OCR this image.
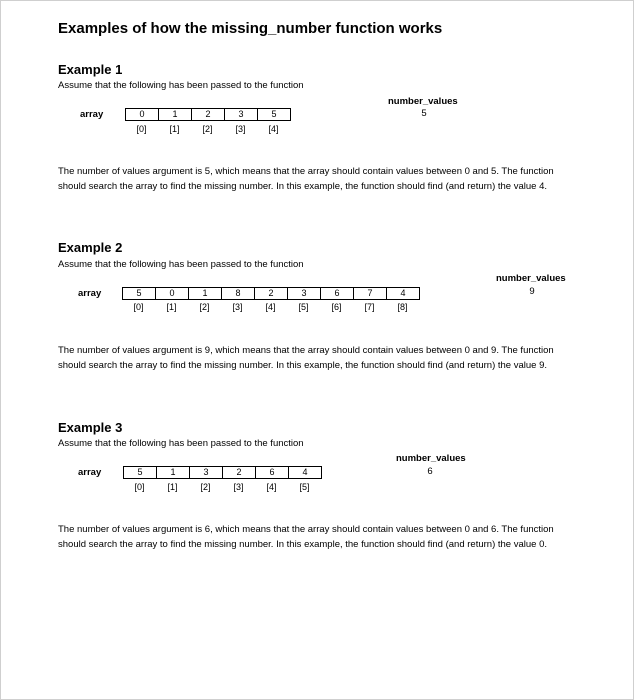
Examples of how the missing_number function works
Example 1
Assume that the following has been passed to the function
number_values
5
array	0	1	2	3	5
[0]	[1]	[2]	[3]	[4]
The number of values argument is 5, which means that the array should contain values between 0 and 5. The function should search the array to find the missing number. In this example, the function should find (and return) the value 4.
Example 2
Assume that the following has been passed to the function
number_values
9
array	5	0	1	8	2	3	6	7	4
[0]	[1]	[2]	[3]	[4]	[5]	[6]	[7]	[8]
The number of values argument is 9, which means that the array should contain values between 0 and 9. The function should search the array to find the missing number. In this example, the function should find (and return) the value 9.
Example 3
Assume that the following has been passed to the function
number_values
6
array	5	1	3	2	6	4
[0]	[1]	[2]	[3]	[4]	[5]
The number of values argument is 6, which means that the array should contain values between 0 and 6. The function should search the array to find the missing number. In this example, the function should find (and return) the value 0.
